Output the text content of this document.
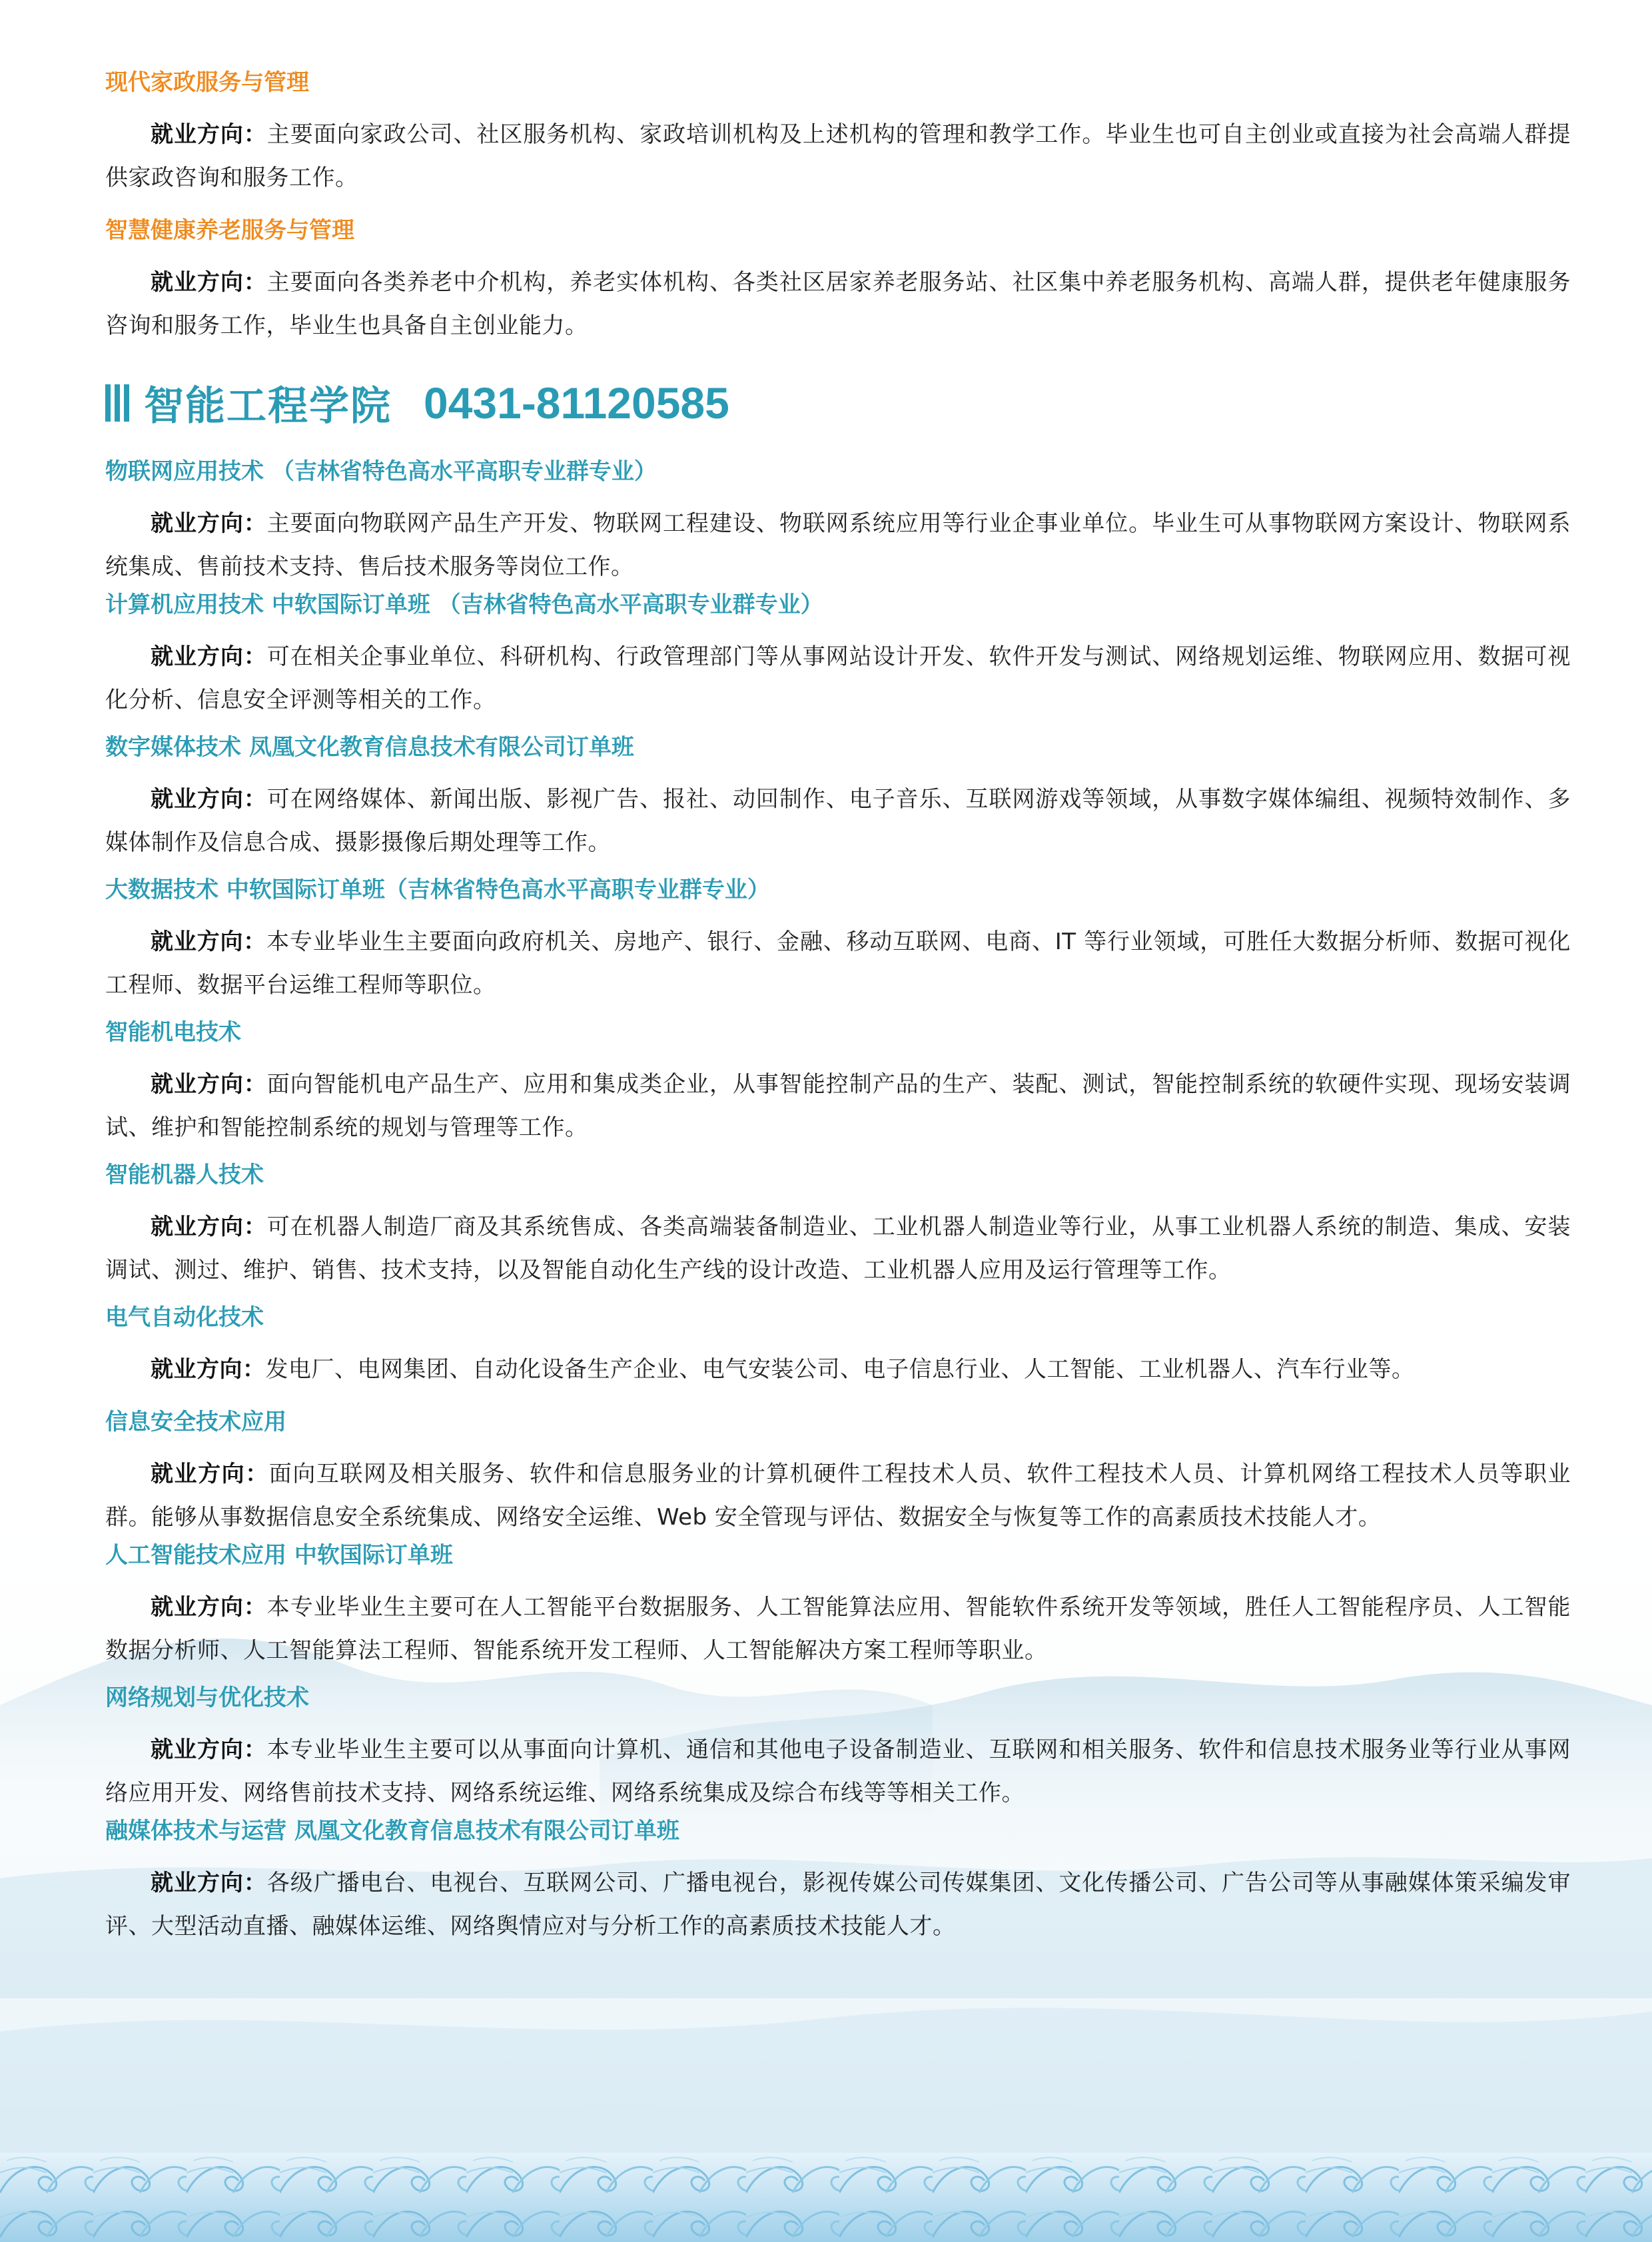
现代家政服务与管理

就业方向：主要面向家政公司、社区服务机构、家政培训机构及上述机构的管理和教学工作。毕业生也可自主创业或直接为社会高端人群提供家政咨询和服务工作。

智慧健康养老服务与管理

就业方向：主要面向各类养老中介机构，养老实体机构、各类社区居家养老服务站、社区集中养老服务机构、高端人群，提供老年健康服务咨询和服务工作，毕业生也具备自主创业能力。

智能工程学院 0431-81120585

物联网应用技术 （吉林省特色高水平高职专业群专业）

就业方向：主要面向物联网产品生产开发、物联网工程建设、物联网系统应用等行业企事业单位。毕业生可从事物联网方案设计、物联网系统集成、售前技术支持、售后技术服务等岗位工作。

计算机应用技术 中软国际订单班 （吉林省特色高水平高职专业群专业）

就业方向：可在相关企事业单位、科研机构、行政管理部门等从事网站设计开发、软件开发与测试、网络规划运维、物联网应用、数据可视化分析、信息安全评测等相关的工作。

数字媒体技术 凤凰文化教育信息技术有限公司订单班

就业方向：可在网络媒体、新闻出版、影视广告、报社、动回制作、电子音乐、互联网游戏等领域，从事数字媒体编组、视频特效制作、多媒体制作及信息合成、摄影摄像后期处理等工作。

大数据技术 中软国际订单班（吉林省特色高水平高职专业群专业）

就业方向：本专业毕业生主要面向政府机关、房地产、银行、金融、移动互联网、电商、IT 等行业领域，可胜任大数据分析师、数据可视化工程师、数据平台运维工程师等职位。

智能机电技术

就业方向：面向智能机电产品生产、应用和集成类企业，从事智能控制产品的生产、装配、测试，智能控制系统的软硬件实现、现场安装调试、维护和智能控制系统的规划与管理等工作。

智能机器人技术

就业方向：可在机器人制造厂商及其系统售成、各类高端装备制造业、工业机器人制造业等行业，从事工业机器人系统的制造、集成、安装调试、测过、维护、销售、技术支持，以及智能自动化生产线的设计改造、工业机器人应用及运行管理等工作。

电气自动化技术

就业方向：发电厂、电网集团、自动化设备生产企业、电气安装公司、电子信息行业、人工智能、工业机器人、汽车行业等。

信息安全技术应用

就业方向：面向互联网及相关服务、软件和信息服务业的计算机硬件工程技术人员、软件工程技术人员、计算机网络工程技术人员等职业群。能够从事数据信息安全系统集成、网络安全运维、Web 安全管现与评估、数据安全与恢复等工作的高素质技术技能人才。

人工智能技术应用 中软国际订单班

就业方向：本专业毕业生主要可在人工智能平台数据服务、人工智能算法应用、智能软件系统开发等领域，胜任人工智能程序员、人工智能数据分析师、人工智能算法工程师、智能系统开发工程师、人工智能解决方案工程师等职业。

网络规划与优化技术

就业方向：本专业毕业生主要可以从事面向计算机、通信和其他电子设备制造业、互联网和相关服务、软件和信息技术服务业等行业从事网络应用开发、网络售前技术支持、网络系统运维、网络系统集成及综合布线等等相关工作。

融媒体技术与运营 凤凰文化教育信息技术有限公司订单班

就业方向：各级广播电台、电视台、互联网公司、广播电视台，影视传媒公司传媒集团、文化传播公司、广告公司等从事融媒体策采编发审评、大型活动直播、融媒体运维、网络舆情应对与分析工作的高素质技术技能人才。
